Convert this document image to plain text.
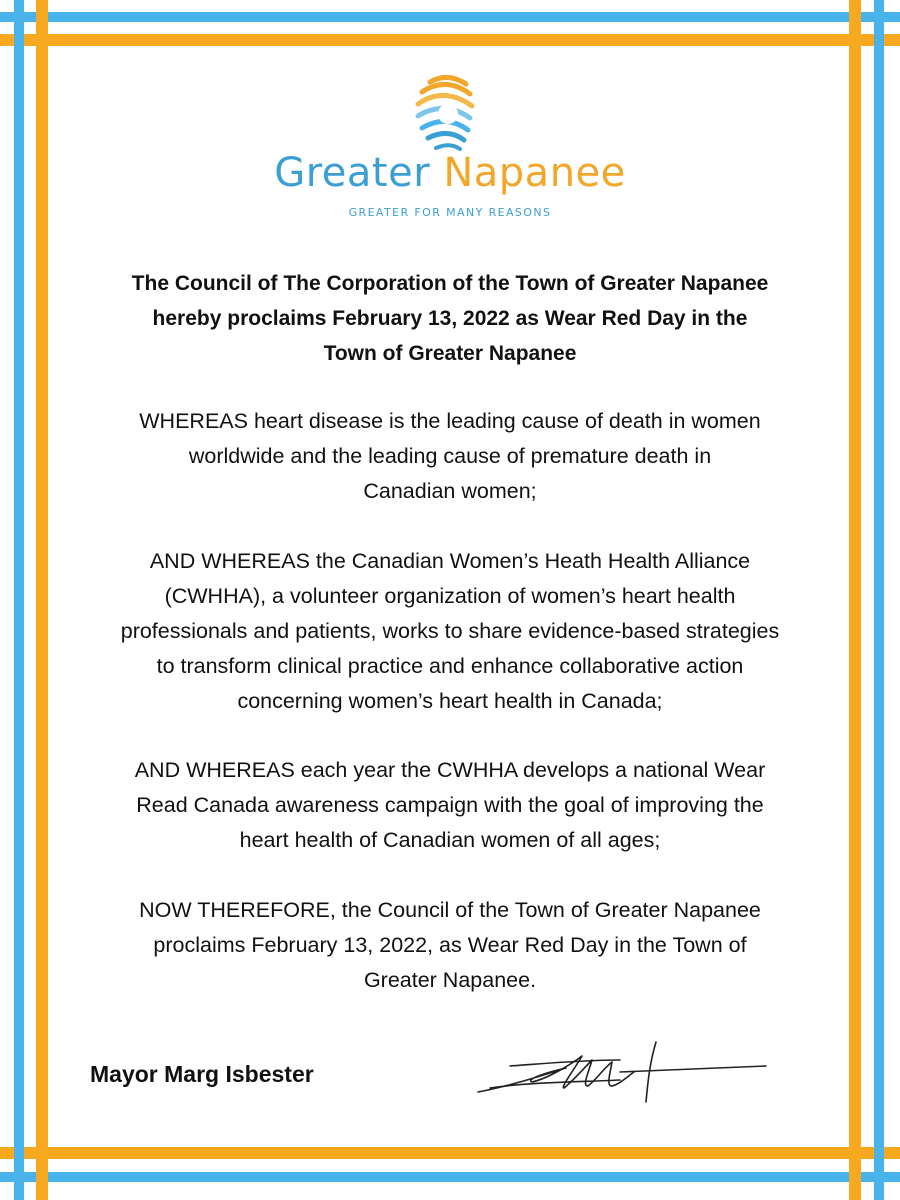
Greater Napanee
GREATER FOR MANY REASONS
The Council of The Corporation of the Town of Greater Napanee
hereby proclaims February 13, 2022 as Wear Red Day in the
Town of Greater Napanee
WHEREAS heart disease is the leading cause of death in women
worldwide and the leading cause of premature death in
Canadian women;
AND WHEREAS the Canadian Women’s Heath Health Alliance
(CWHHA), a volunteer organization of women’s heart health
professionals and patients, works to share evidence-based strategies
to transform clinical practice and enhance collaborative action
concerning women’s heart health in Canada;
AND WHEREAS each year the CWHHA develops a national Wear
Read Canada awareness campaign with the goal of improving the
heart health of Canadian women of all ages;
NOW THEREFORE, the Council of the Town of Greater Napanee
proclaims February 13, 2022, as Wear Red Day in the Town of
Greater Napanee.
Mayor Marg Isbester
